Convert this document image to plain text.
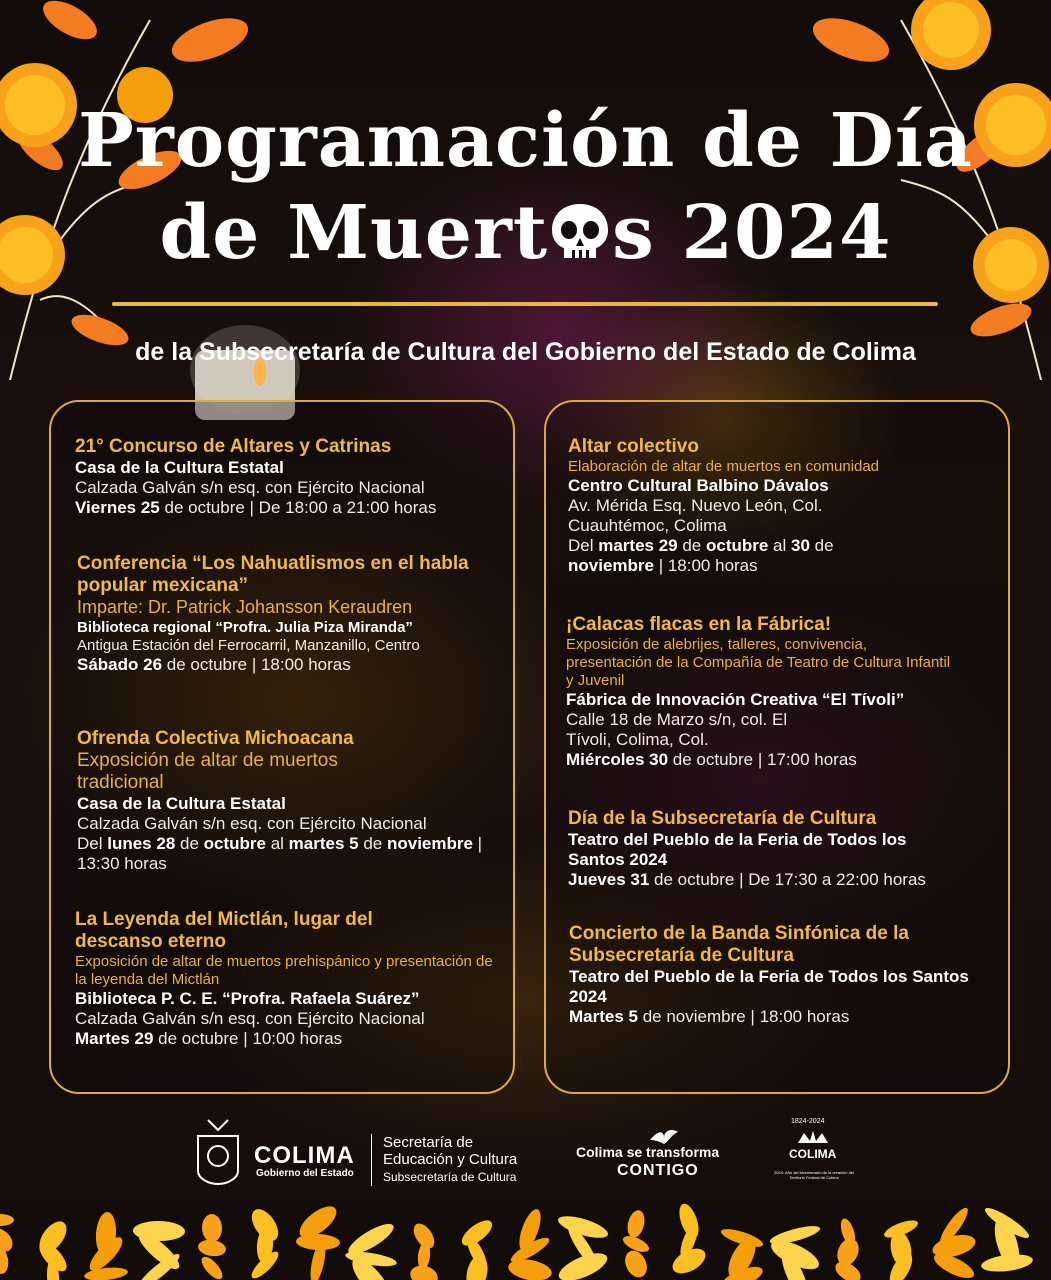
Programación de Día
de Muert s 2024
de la Subsecretaría de Cultura del Gobierno del Estado de Colima
21° Concurso de Altares y Catrinas
Casa de la Cultura Estatal
Calzada Galván s/n esq. con Ejército Nacional
Viernes 25 de octubre | De 18:00 a 21:00 horas
Conferencia “Los Nahuatlismos en el habla popular mexicana”
Imparte: Dr. Patrick Johansson Keraudren
Biblioteca regional “Profra. Julia Piza Miranda”
Antigua Estación del Ferrocarril, Manzanillo, Centro
Sábado 26 de octubre | 18:00 horas
Ofrenda Colectiva Michoacana
Exposición de altar de muertos tradicional
Casa de la Cultura Estatal
Calzada Galván s/n esq. con Ejército Nacional
Del lunes 28 de octubre al martes 5 de noviembre | 13:30 horas
La Leyenda del Mictlán, lugar del descanso eterno
Exposición de altar de muertos prehispánico y presentación de la leyenda del Mictlán
Biblioteca P. C. E. “Profra. Rafaela Suárez”
Calzada Galván s/n esq. con Ejército Nacional
Martes 29 de octubre | 10:00 horas
Altar colectivo
Elaboración de altar de muertos en comunidad
Centro Cultural Balbino Dávalos
Av. Mérida Esq. Nuevo León, Col. Cuauhtémoc, Colima
Del martes 29 de octubre al 30 de noviembre | 18:00 horas
¡Calacas flacas en la Fábrica!
Exposición de alebrijes, talleres, convivencia, presentación de la Compañía de Teatro de Cultura Infantil y Juvenil
Fábrica de Innovación Creativa “El Tívoli”
Calle 18 de Marzo s/n, col. El Tívoli, Colima, Col.
Miércoles 30 de octubre | 17:00 horas
Día de la Subsecretaría de Cultura
Teatro del Pueblo de la Feria de Todos los Santos 2024
Jueves 31 de octubre | De 17:30 a 22:00 horas
Concierto de la Banda Sinfónica de la Subsecretaría de Cultura
Teatro del Pueblo de la Feria de Todos los Santos 2024
Martes 5 de noviembre | 18:00 horas
COLIMA
Gobierno del Estado
Secretaría de
Educación y Cultura
Subsecretaría de Cultura
Colima se transforma
CONTIGO
1824-2024
COLIMA
2024: Año del bicentenario de la creación del Territorio Federal de Colima
